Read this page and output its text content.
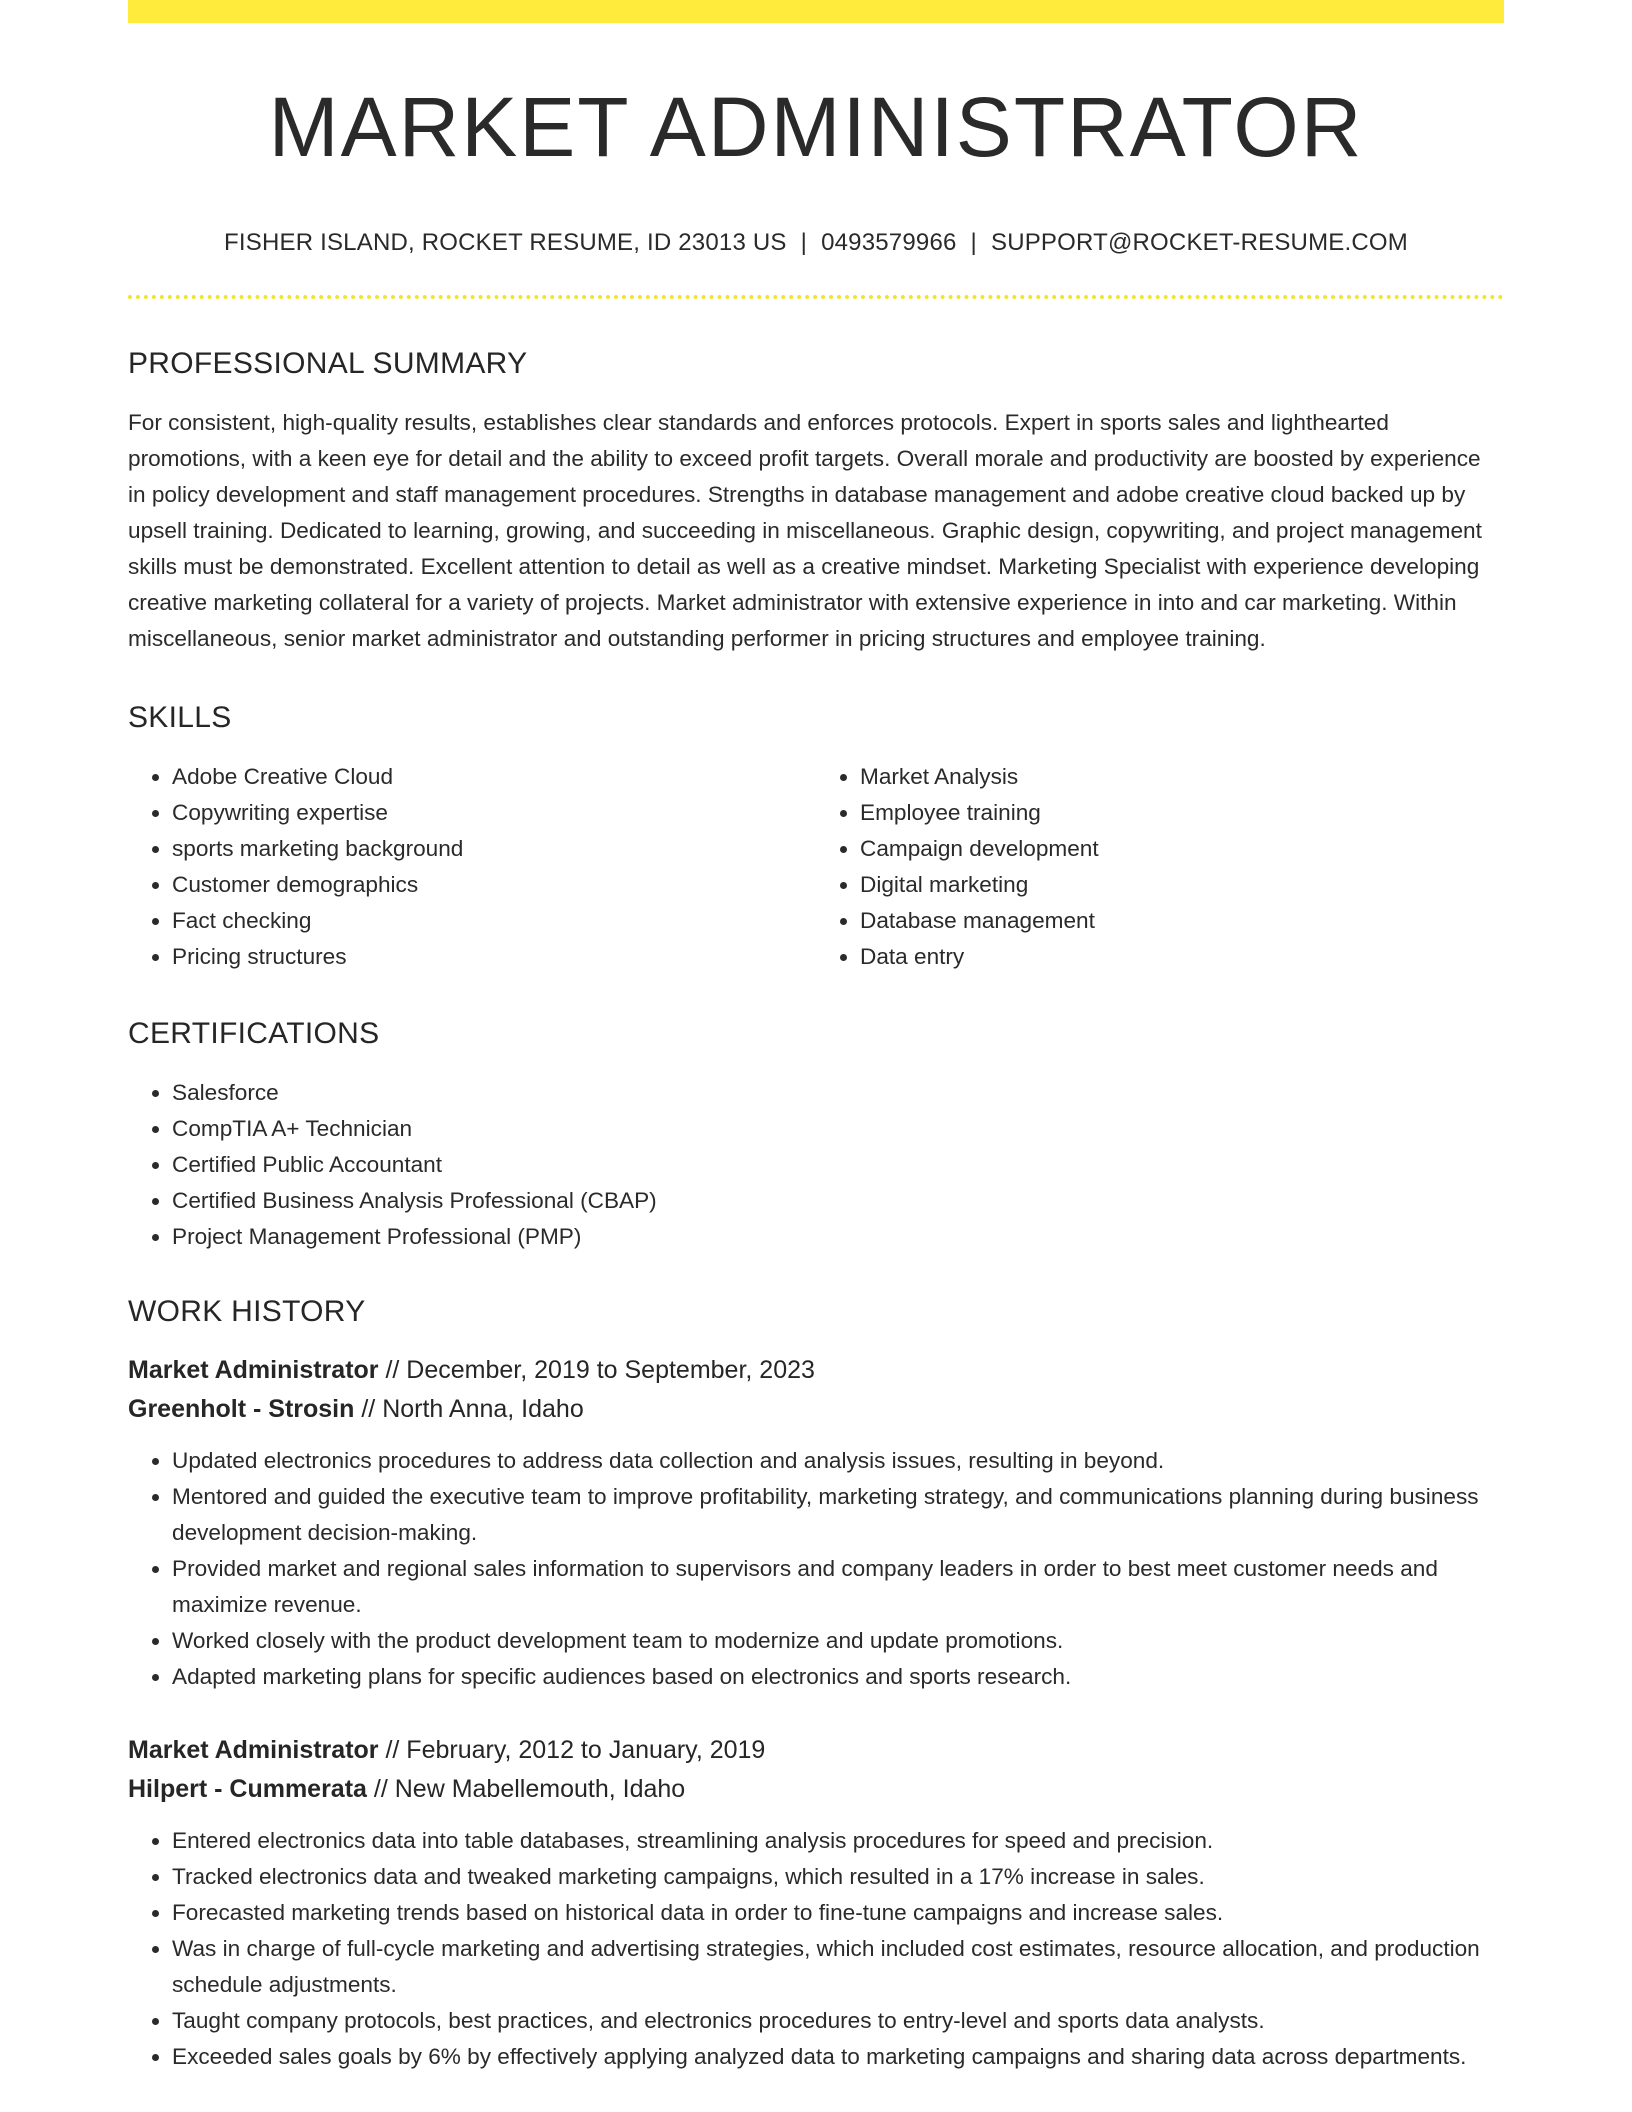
MARKET ADMINISTRATOR
FISHER ISLAND, ROCKET RESUME, ID 23013 US | 0493579966 | SUPPORT@ROCKET-RESUME.COM
PROFESSIONAL SUMMARY
For consistent, high-quality results, establishes clear standards and enforces protocols. Expert in sports sales and lighthearted promotions, with a keen eye for detail and the ability to exceed profit targets. Overall morale and productivity are boosted by experience in policy development and staff management procedures. Strengths in database management and adobe creative cloud backed up by upsell training. Dedicated to learning, growing, and succeeding in miscellaneous. Graphic design, copywriting, and project management skills must be demonstrated. Excellent attention to detail as well as a creative mindset. Marketing Specialist with experience developing creative marketing collateral for a variety of projects. Market administrator with extensive experience in into and car marketing. Within miscellaneous, senior market administrator and outstanding performer in pricing structures and employee training.
SKILLS
• Adobe Creative Cloud
• Copywriting expertise
• sports marketing background
• Customer demographics
• Fact checking
• Pricing structures
• Market Analysis
• Employee training
• Campaign development
• Digital marketing
• Database management
• Data entry
CERTIFICATIONS
• Salesforce
• CompTIA A+ Technician
• Certified Public Accountant
• Certified Business Analysis Professional (CBAP)
• Project Management Professional (PMP)
WORK HISTORY
Market Administrator // December, 2019 to September, 2023
Greenholt - Strosin // North Anna, Idaho
• Updated electronics procedures to address data collection and analysis issues, resulting in beyond.
• Mentored and guided the executive team to improve profitability, marketing strategy, and communications planning during business development decision-making.
• Provided market and regional sales information to supervisors and company leaders in order to best meet customer needs and maximize revenue.
• Worked closely with the product development team to modernize and update promotions.
• Adapted marketing plans for specific audiences based on electronics and sports research.
Market Administrator // February, 2012 to January, 2019
Hilpert - Cummerata // New Mabellemouth, Idaho
• Entered electronics data into table databases, streamlining analysis procedures for speed and precision.
• Tracked electronics data and tweaked marketing campaigns, which resulted in a 17% increase in sales.
• Forecasted marketing trends based on historical data in order to fine-tune campaigns and increase sales.
• Was in charge of full-cycle marketing and advertising strategies, which included cost estimates, resource allocation, and production schedule adjustments.
• Taught company protocols, best practices, and electronics procedures to entry-level and sports data analysts.
• Exceeded sales goals by 6% by effectively applying analyzed data to marketing campaigns and sharing data across departments.
